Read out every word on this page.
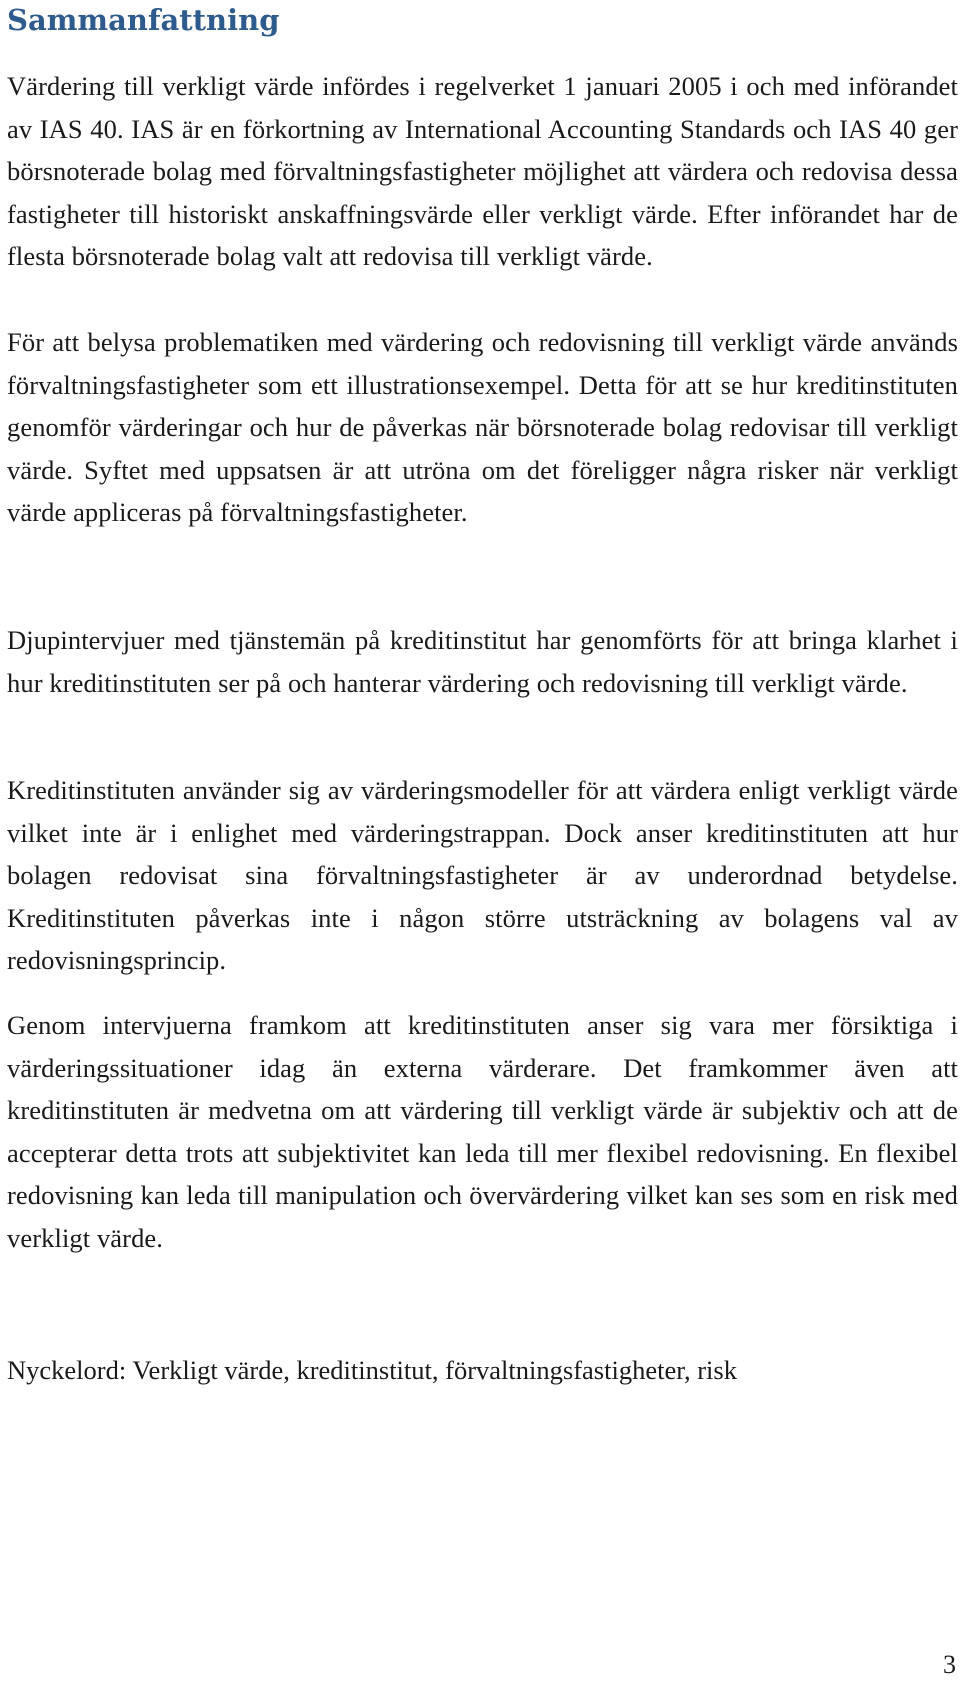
Sammanfattning

Värdering till verkligt värde infördes i regelverket 1 januari 2005 i och med införandet av IAS 40. IAS är en förkortning av International Accounting Standards och IAS 40 ger börsnoterade bolag med förvaltningsfastigheter möjlighet att värdera och redovisa dessa fastigheter till historiskt anskaffningsvärde eller verkligt värde. Efter införandet har de flesta börsnoterade bolag valt att redovisa till verkligt värde.

För att belysa problematiken med värdering och redovisning till verkligt värde används förvaltningsfastigheter som ett illustrationsexempel. Detta för att se hur kreditinstituten genomför värderingar och hur de påverkas när börsnoterade bolag redovisar till verkligt värde. Syftet med uppsatsen är att utröna om det föreligger några risker när verkligt värde appliceras på förvaltningsfastigheter.

Djupintervjuer med tjänstemän på kreditinstitut har genomförts för att bringa klarhet i hur kreditinstituten ser på och hanterar värdering och redovisning till verkligt värde.

Kreditinstituten använder sig av värderingsmodeller för att värdera enligt verkligt värde vilket inte är i enlighet med värderingstrappan. Dock anser kreditinstituten att hur bolagen redovisat sina förvaltningsfastigheter är av underordnad betydelse. Kreditinstituten påverkas inte i någon större utsträckning av bolagens val av redovisningsprincip.

Genom intervjuerna framkom att kreditinstituten anser sig vara mer försiktiga i värderingssituationer idag än externa värderare. Det framkommer även att kreditinstituten är medvetna om att värdering till verkligt värde är subjektiv och att de accepterar detta trots att subjektivitet kan leda till mer flexibel redovisning. En flexibel redovisning kan leda till manipulation och övervärdering vilket kan ses som en risk med verkligt värde.

Nyckelord: Verkligt värde, kreditinstitut, förvaltningsfastigheter, risk

3
